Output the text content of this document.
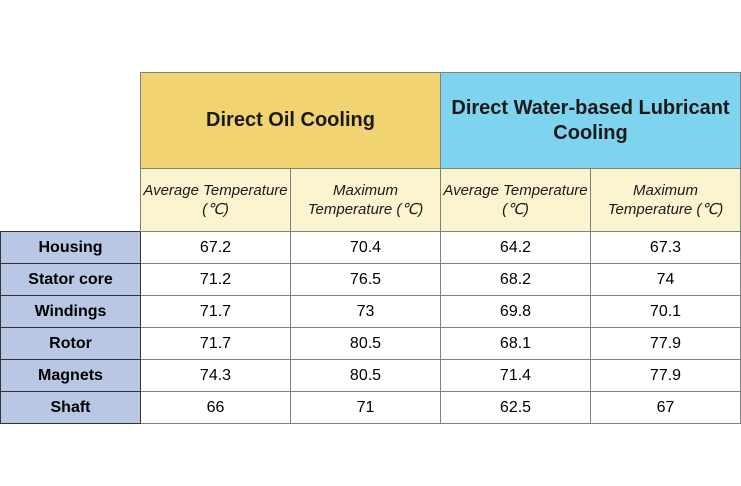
	Direct Oil Cooling		Direct Water-based Lubricant Cooling	
	Average Temperature (℃)	Maximum Temperature (℃)	Average Temperature (℃)	Maximum Temperature (℃)
Housing	67.2	70.4	64.2	67.3
Stator core	71.2	76.5	68.2	74
Windings	71.7	73	69.8	70.1
Rotor	71.7	80.5	68.1	77.9
Magnets	74.3	80.5	71.4	77.9
Shaft	66	71	62.5	67
